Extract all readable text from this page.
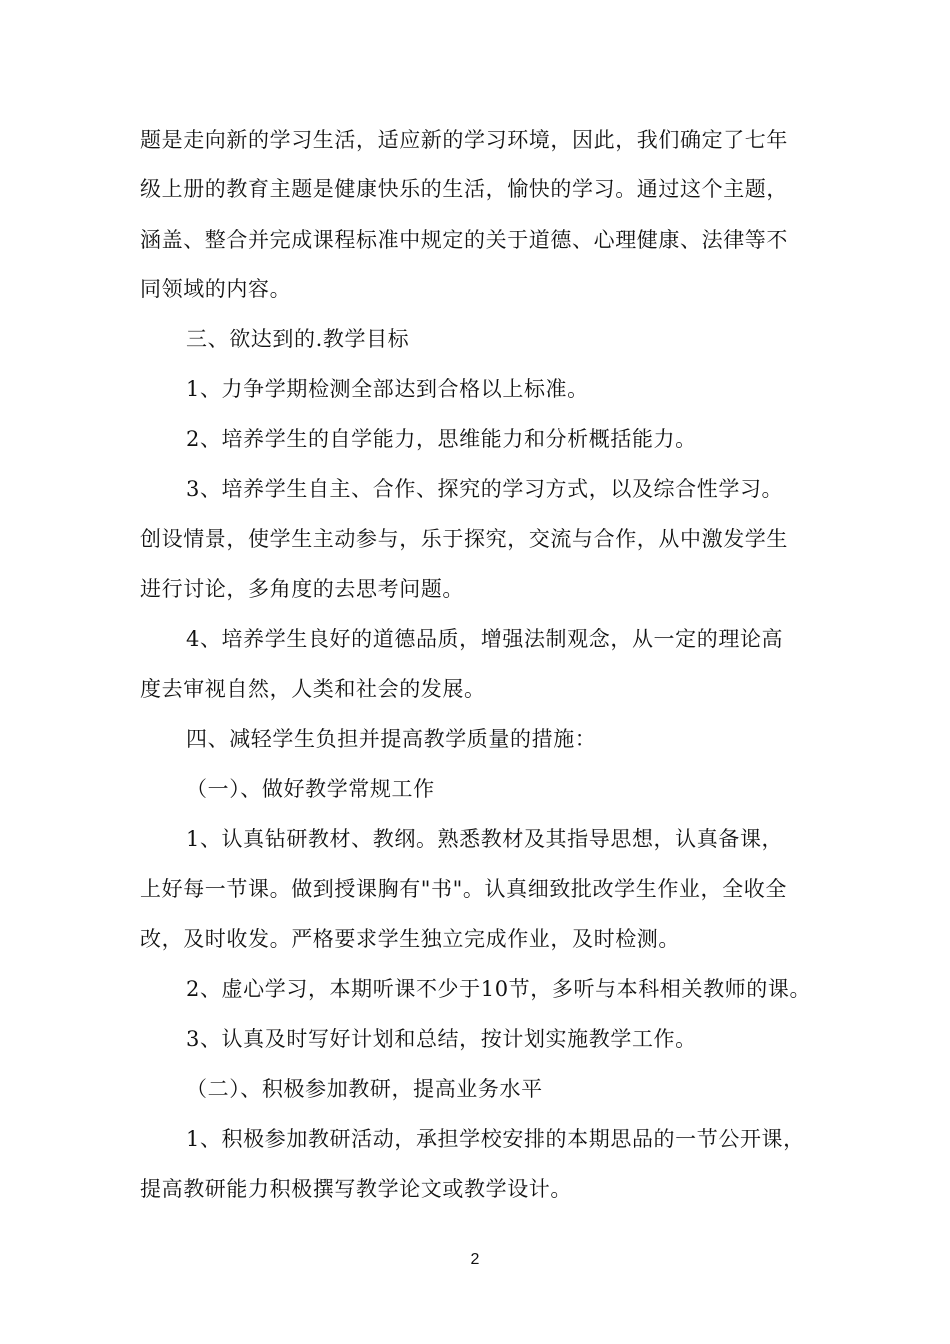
题是走向新的学习生活，适应新的学习环境，因此，我们确定了七年
级上册的教育主题是健康快乐的生活，愉快的学习。通过这个主题，
涵盖、整合并完成课程标准中规定的关于道德、心理健康、法律等不
同领域的内容。
三、欲达到的.教学目标
1、力争学期检测全部达到合格以上标准。
2、培养学生的自学能力，思维能力和分析概括能力。
3、培养学生自主、合作、探究的学习方式，以及综合性学习。
创设情景，使学生主动参与，乐于探究，交流与合作，从中激发学生
进行讨论，多角度的去思考问题。
4、培养学生良好的道德品质，增强法制观念，从一定的理论高
度去审视自然，人类和社会的发展。
四、减轻学生负担并提高教学质量的措施：
（一）、做好教学常规工作
1、认真钻研教材、教纲。熟悉教材及其指导思想，认真备课，
上好每一节课。做到授课胸有"书"。认真细致批改学生作业，全收全
改，及时收发。严格要求学生独立完成作业，及时检测。
2、虚心学习，本期听课不少于10节，多听与本科相关教师的课。
3、认真及时写好计划和总结，按计划实施教学工作。
（二）、积极参加教研，提高业务水平
1、积极参加教研活动，承担学校安排的本期思品的一节公开课，
提高教研能力积极撰写教学论文或教学设计。
2
